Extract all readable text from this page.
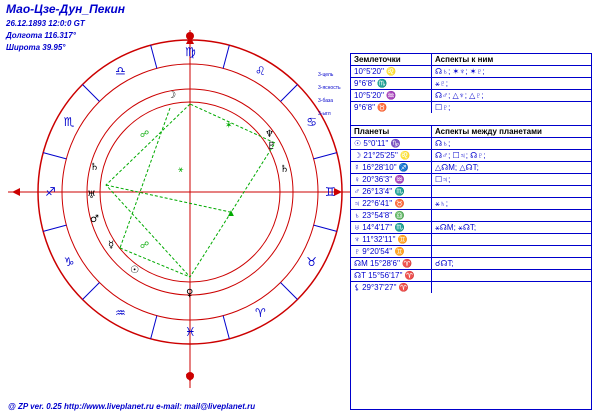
Мао-Цзе-Дун_Пекин
26.12.1893 12:0:0 GT
Долгота 116.317°
Широта 39.95°
♋
♌
♍
♎
♏
♐
♑
♒
♓
♈
♉
♊
☍
✶
⚹
▲
☍
☽
♆
♇
♄
♄
♅
♂
☿
☉
♀
3-цель
3-ясность
3-база
3-ыгл
Землеточки	Аспекты к ним
10°5'20'' ♌	☊♄; ✶♆; ✶♇;
9°6'8'' ♏	⚹♇;
10°5'20'' ♒	☊♂; △♆; △♇;
9°6'8'' ♉	☐♇;
Планеты	Аспекты между планетами
☉ 5°0'11'' ♑	☊♄;
☽ 21°25'25'' ♌	☊♂; ☐♃; ☊♇;
☿ 16°28'10'' ♐	△☊M; △☊T;
♀ 20°36'3'' ♒	☐♃;
♂ 26°13'4'' ♏
♃ 22°6'41'' ♉	⚹♄;
♄ 23°54'8'' ♎
♅ 14°4'17'' ♏	⚹☊M; ⚹☊T;
♆ 11°32'11'' ♊
♇ 9°20'54'' ♊
☊M 15°28'6'' ♈	☌☊T;
☊T 15°56'17'' ♈
⚸ 29°37'27'' ♈
@ ZP ver. 0.25 http://www.liveplanet.ru e-mail: mail@liveplanet.ru
